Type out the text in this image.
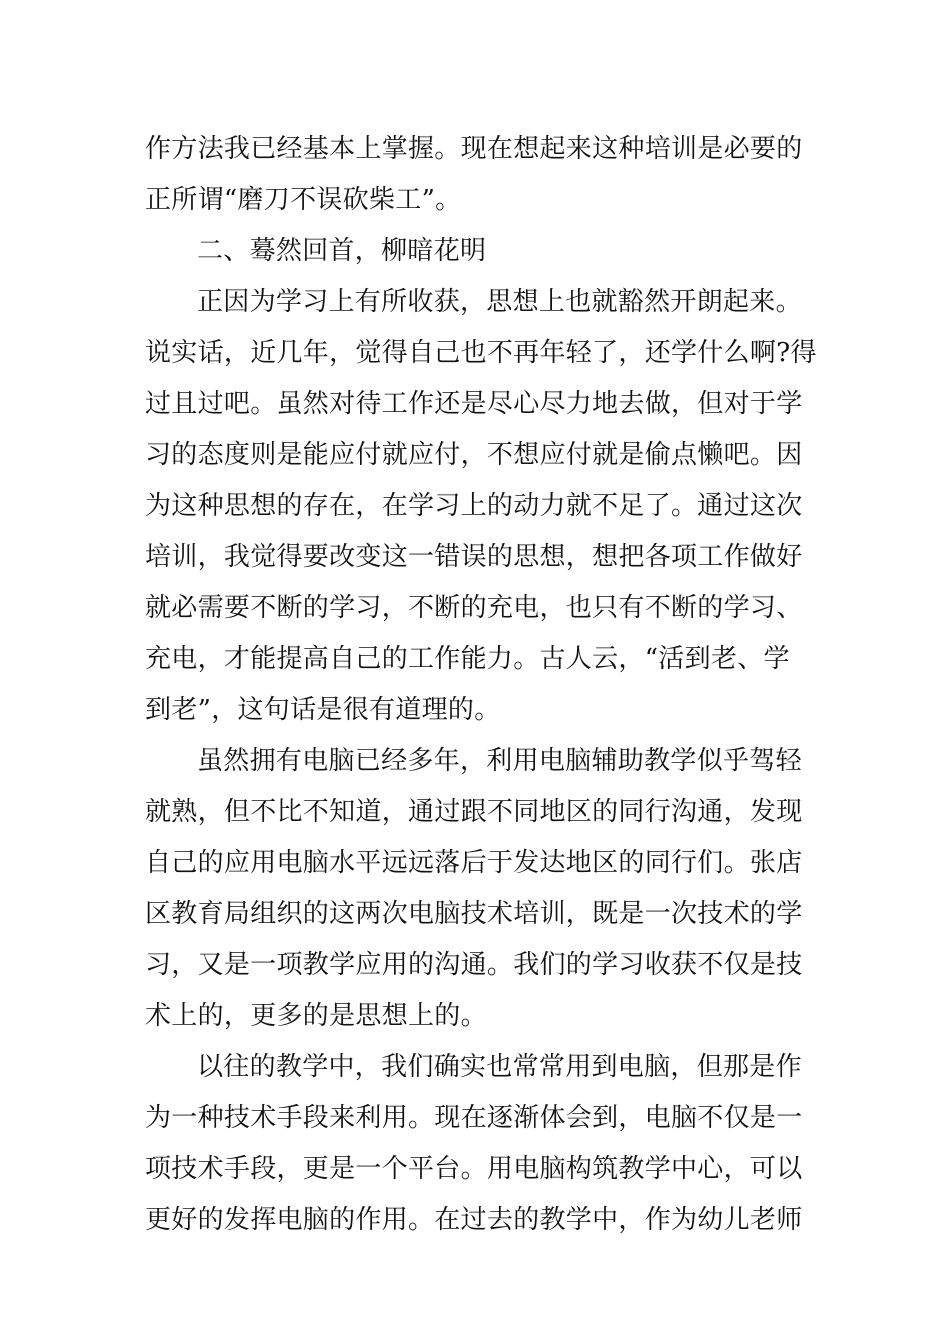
作方法我已经基本上掌握。现在想起来这种培训是必要的
正所谓“磨刀不误砍柴工”。
二、蓦然回首，柳暗花明
正因为学习上有所收获，思想上也就豁然开朗起来。
说实话，近几年，觉得自己也不再年轻了，还学什么啊?得
过且过吧。虽然对待工作还是尽心尽力地去做，但对于学
习的态度则是能应付就应付，不想应付就是偷点懒吧。因
为这种思想的存在，在学习上的动力就不足了。通过这次
培训，我觉得要改变这一错误的思想，想把各项工作做好
就必需要不断的学习，不断的充电，也只有不断的学习、
充电，才能提高自己的工作能力。古人云，“活到老、学
到老”，这句话是很有道理的。
虽然拥有电脑已经多年，利用电脑辅助教学似乎驾轻
就熟，但不比不知道，通过跟不同地区的同行沟通，发现
自己的应用电脑水平远远落后于发达地区的同行们。张店
区教育局组织的这两次电脑技术培训，既是一次技术的学
习，又是一项教学应用的沟通。我们的学习收获不仅是技
术上的，更多的是思想上的。
以往的教学中，我们确实也常常用到电脑，但那是作
为一种技术手段来利用。现在逐渐体会到，电脑不仅是一
项技术手段，更是一个平台。用电脑构筑教学中心，可以
更好的发挥电脑的作用。在过去的教学中，作为幼儿老师
